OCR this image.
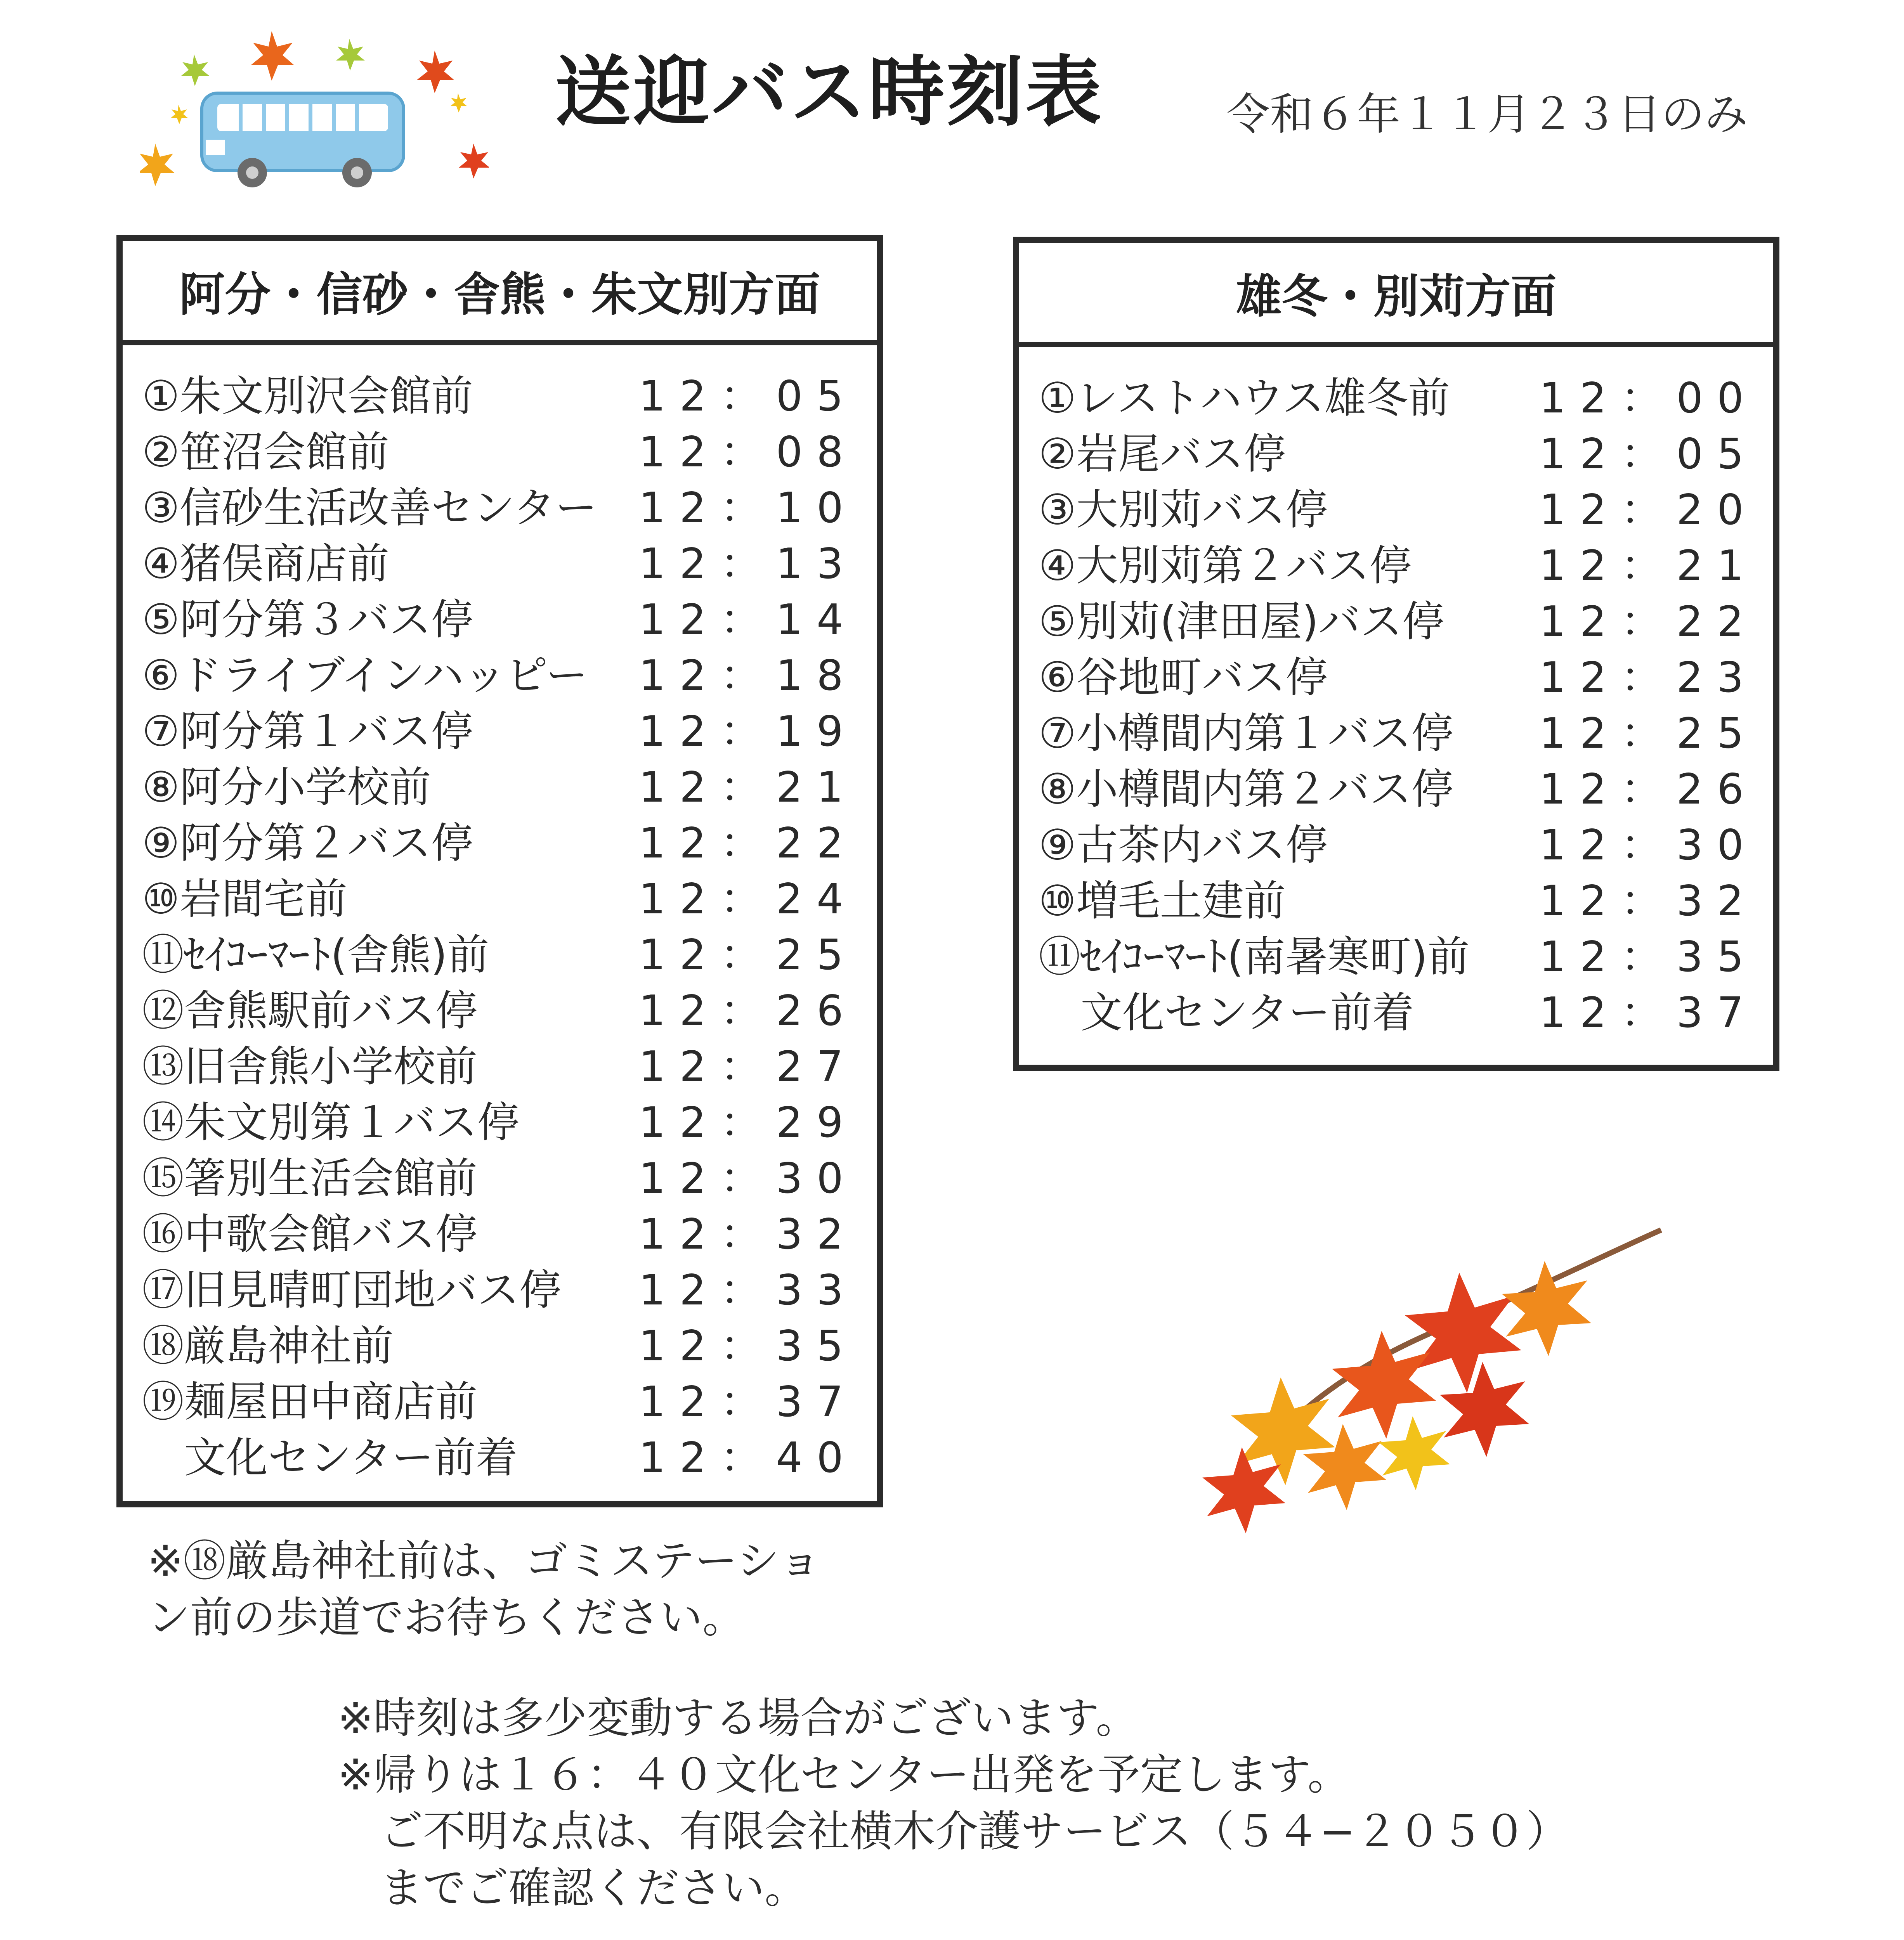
送迎バス時刻表	令和６年１１月２３日のみ
阿分・信砂・舎熊・朱文別方面
①朱文別沢会館前	12：05
②笹沼会館前	12：08
③信砂生活改善センター 12：10
④猪俣商店前	12：13
⑤阿分第３バス停	12：14
⑥ドライブインハッピー 12：18
⑦阿分第１バス停	12：19
⑧阿分小学校前	12：21
⑨阿分第２バス停	12：22
⑩岩間宅前	12：24
⑪ｾｲｺｰﾏｰﾄ(舎熊)前	12：25
⑫舎熊駅前バス停	12：26
⑬旧舎熊小学校前	12：27
⑭朱文別第１バス停	12：29
⑮箸別生活会館前	12：30
⑯中歌会館バス停	12：32
⑰旧見晴町団地バス停 12：33
⑱厳島神社前	12：35
⑲麺屋田中商店前	12：37
　文化センター前着	12：40
雄冬・別苅方面
①レストハウス雄冬前 12：00
②岩尾バス停	12：05
③大別苅バス停	12：20
④大別苅第２バス停	12：21
⑤別苅(津田屋)バス停 12：22
⑥谷地町バス停	12：23
⑦小樽間内第１バス停 12：25
⑧小樽間内第２バス停 12：26
⑨古茶内バス停	12：30
⑩増毛土建前	12：32
⑪ｾｲｺｰﾏｰﾄ(南暑寒町)前 12：35
　文化センター前着	12：37
※⑱厳島神社前は、ゴミステーショ
ン前の歩道でお待ちください。
※時刻は多少変動する場合がございます。
※帰りは１６：４０文化センター出発を予定します。
　ご不明な点は、有限会社横木介護サービス（５４−２０５０）
　までご確認ください。
